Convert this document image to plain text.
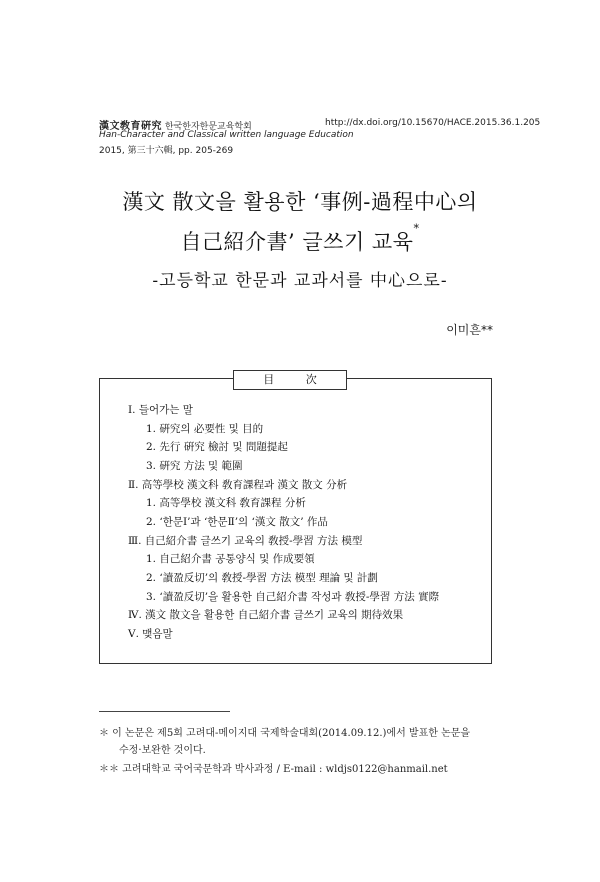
漢文敎育硏究 한국한자한문교육학회	http://dx.doi.org/10.15670/HACE.2015.36.1.205
Han-Character and Classical written language Education
2015, 第三十六輯, pp. 205-269
漢文 散文을 활용한 ‘事例-過程中心의
自己紹介書’ 글쓰기 교육*
-고등학교 한문과 교과서를 中心으로-
이미흔**
目 次
Ⅰ. 들어가는 말
1. 硏究의 必要性 및 目的
2. 先行 硏究 檢討 및 問題提起
3. 硏究 方法 및 範圍
Ⅱ. 高等學校 漢文科 敎育課程과 漢文 散文 分析
1. 高等學校 漢文科 敎育課程 分析
2. ‘한문Ⅰ’과 ‘한문Ⅱ’의 ‘漢文 散文’ 作品
Ⅲ. 自己紹介書 글쓰기 교육의 敎授-學習 方法 模型
1. 自己紹介書 공통양식 및 作成要領
2. ‘讀盈反切’의 敎授-學習 方法 模型 理論 및 計劃
3. ‘讀盈反切’을 활용한 自己紹介書 작성과 敎授-學習 方法 實際
Ⅳ. 漢文 散文을 활용한 自己紹介書 글쓰기 교육의 期待效果
Ⅴ. 맺음말
＊ 이 논문은 제5회 고려대-메이지대 국제학술대회(2014.09.12.)에서 발표한 논문을
수정·보완한 것이다.
＊＊ 고려대학교 국어국문학과 박사과정 / E-mail : wldjs0122@hanmail.net
